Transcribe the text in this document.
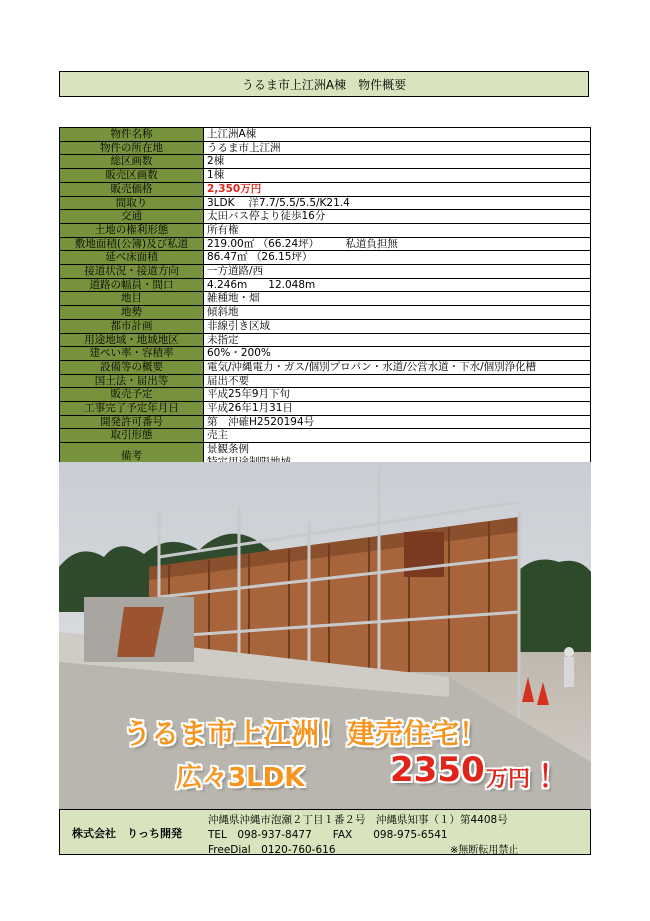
うるま市上江洲A棟　物件概要
物件名称	上江洲A棟
物件の所在地	うるま市上江洲
総区画数	2棟
販売区画数	1棟
販売価格	2,350万円
間取り	3LDK　 洋7.7/5.5/5.5/K21.4
交通	太田バス停より徒歩16分
土地の権利形態	所有権
敷地面積(公簿)及び私道	219.00㎡ （66.24坪）　　　私道負担無
延べ床面積	86.47㎡ （26.15坪）
接道状況・接道方向	一方道路/西
道路の幅員・間口	4.246m　　12.048m
地目	雑種地・畑
地勢	傾斜地
都市計画	非線引き区域
用途地域・地域地区	未指定
建ぺい率・容積率	60%・200%
設備等の概要	電気/沖縄電力・ガス/個別プロパン・水道/公営水道・下水/個別浄化槽
国土法・届出等	届出不要
販売予定	平成25年9月下旬
工事完了予定年月日	平成26年1月31日
開発許可番号	第　沖確H2520194号
取引形態	売主
備考	景観条例
うるま市上江洲！建売住宅！
広々3LDK	2350 万円 ！
株式会社　りっち開発
沖縄県沖縄市泡瀬２丁目１番２号　沖縄県知事（１）第4408号
TEL　098-937-8477　　FAX　　098-975-6541
FreeDial　0120-760-616	※無断転用禁止
